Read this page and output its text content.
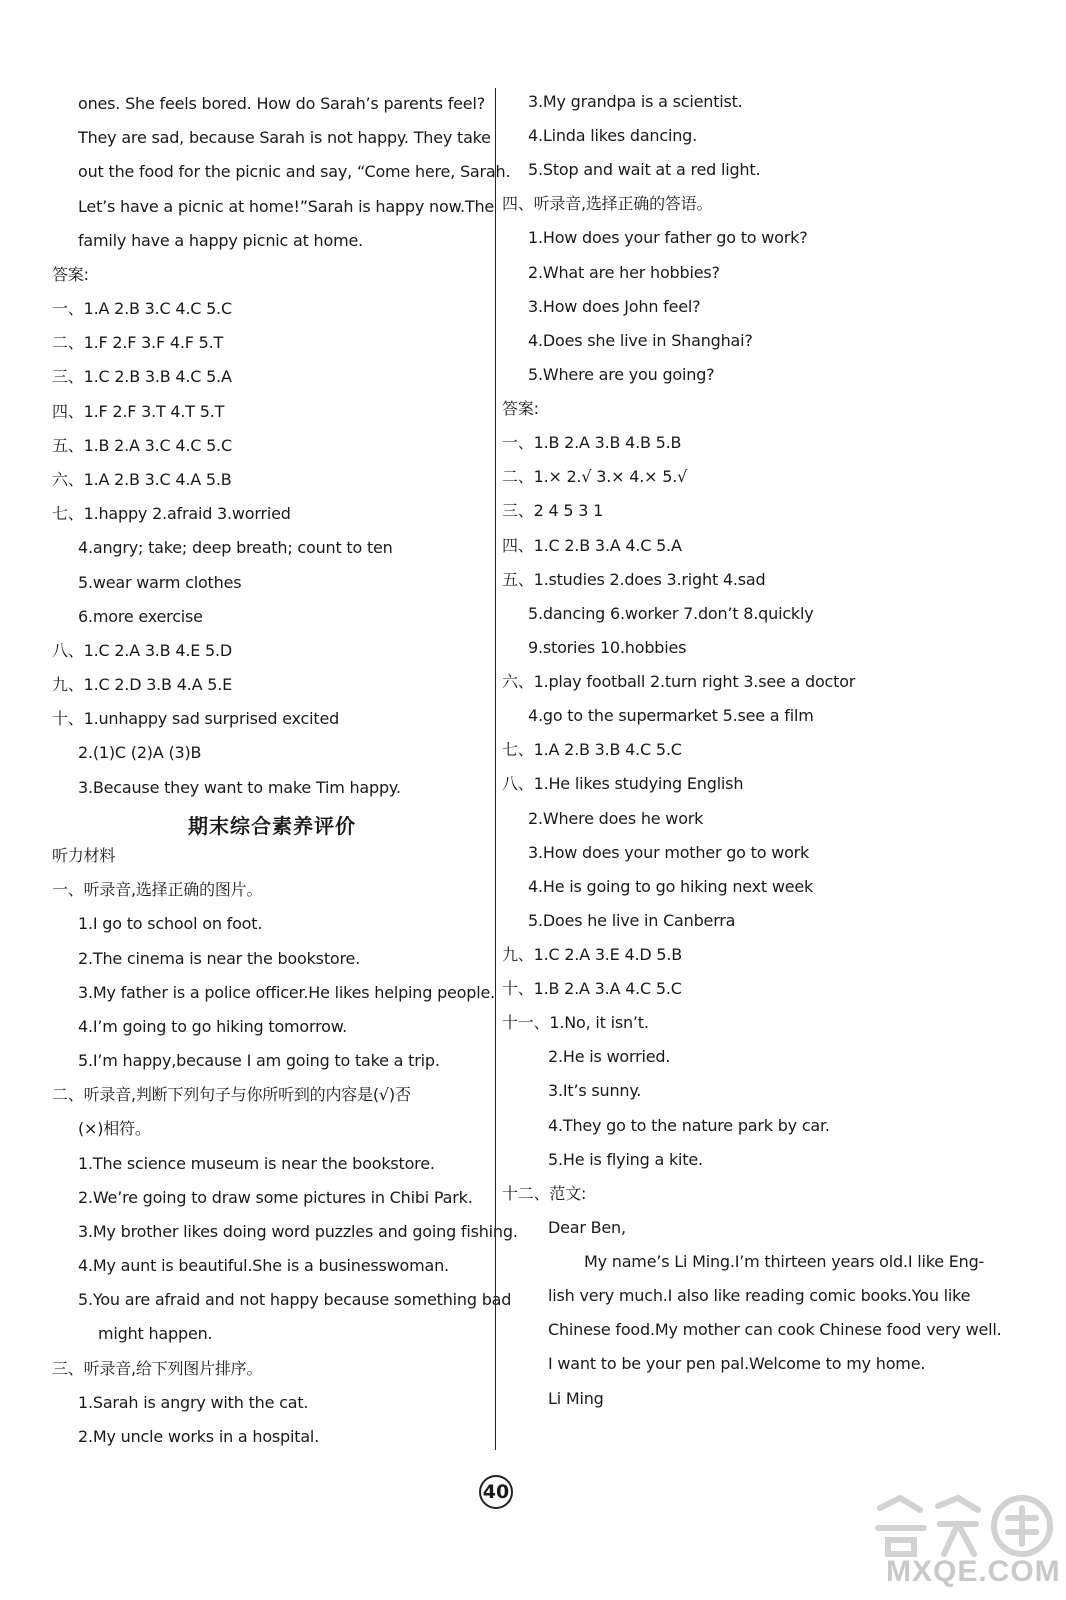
ones. She feels bored. How do Sarah’s parents feel?
They are sad, because Sarah is not happy. They take
out the food for the picnic and say, “Come here, Sarah.
Let’s have a picnic at home!”Sarah is happy now.The
family have a happy picnic at home.
答案:
一、1.A 2.B 3.C 4.C 5.C
二、1.F 2.F 3.F 4.F 5.T
三、1.C 2.B 3.B 4.C 5.A
四、1.F 2.F 3.T 4.T 5.T
五、1.B 2.A 3.C 4.C 5.C
六、1.A 2.B 3.C 4.A 5.B
七、1.happy 2.afraid 3.worried
4.angry; take; deep breath; count to ten
5.wear warm clothes
6.more exercise
八、1.C 2.A 3.B 4.E 5.D
九、1.C 2.D 3.B 4.A 5.E
十、1.unhappy sad surprised excited
2.(1)C (2)A (3)B
3.Because they want to make Tim happy.
期末综合素养评价
听力材料
一、听录音,选择正确的图片。
1.I go to school on foot.
2.The cinema is near the bookstore.
3.My father is a police officer.He likes helping people.
4.I’m going to go hiking tomorrow.
5.I’m happy,because I am going to take a trip.
二、听录音,判断下列句子与你所听到的内容是(√)否
(×)相符。
1.The science museum is near the bookstore.
2.We’re going to draw some pictures in Chibi Park.
3.My brother likes doing word puzzles and going fishing.
4.My aunt is beautiful.She is a businesswoman.
5.You are afraid and not happy because something bad
might happen.
三、听录音,给下列图片排序。
1.Sarah is angry with the cat.
2.My uncle works in a hospital.
3.My grandpa is a scientist.
4.Linda likes dancing.
5.Stop and wait at a red light.
四、听录音,选择正确的答语。
1.How does your father go to work?
2.What are her hobbies?
3.How does John feel?
4.Does she live in Shanghai?
5.Where are you going?
答案:
一、1.B 2.A 3.B 4.B 5.B
二、1.× 2.√ 3.× 4.× 5.√
三、2 4 5 3 1
四、1.C 2.B 3.A 4.C 5.A
五、1.studies 2.does 3.right 4.sad
5.dancing 6.worker 7.don’t 8.quickly
9.stories 10.hobbies
六、1.play football 2.turn right 3.see a doctor
4.go to the supermarket 5.see a film
七、1.A 2.B 3.B 4.C 5.C
八、1.He likes studying English
2.Where does he work
3.How does your mother go to work
4.He is going to go hiking next week
5.Does he live in Canberra
九、1.C 2.A 3.E 4.D 5.B
十、1.B 2.A 3.A 4.C 5.C
十一、1.No, it isn’t.
2.He is worried.
3.It’s sunny.
4.They go to the nature park by car.
5.He is flying a kite.
十二、范文:
Dear Ben,
My name’s Li Ming.I’m thirteen years old.I like Eng-
lish very much.I also like reading comic books.You like
Chinese food.My mother can cook Chinese food very well.
I want to be your pen pal.Welcome to my home.
Li Ming
40
MXQE.COM
